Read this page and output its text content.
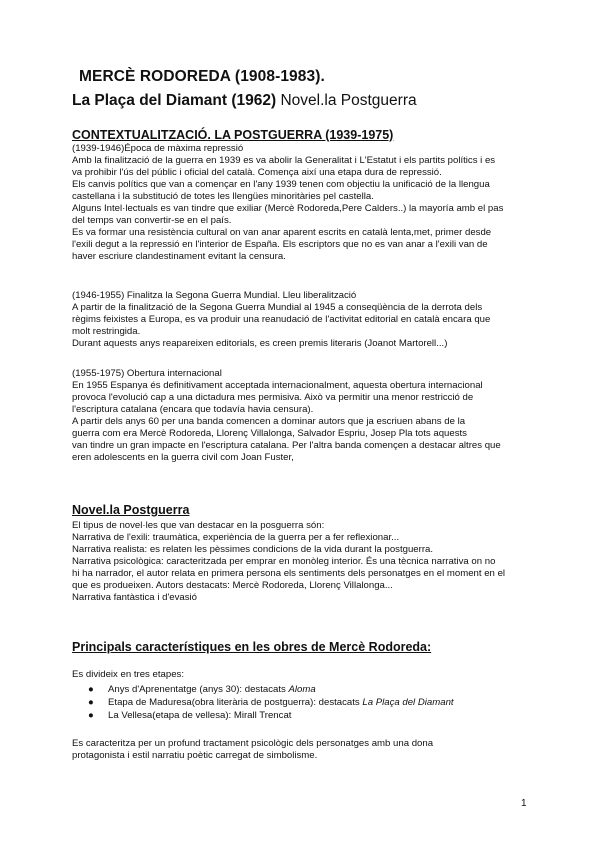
MERCÈ RODOREDA (1908-1983).
La Plaça del Diamant (1962) Novel.la Postguerra
CONTEXTUALITZACIÓ. LA POSTGUERRA (1939-1975)
(1939-1946)Época de màxima repressió
Amb la finalització de la guerra en 1939 es va abolir la Generalitat i L'Estatut i els partits polítics i es
va prohibir l'ús del públic i oficial del català. Comença així una etapa dura de repressió.
Els canvis polítics que van a començar en l'any 1939 tenen com objectiu la unificació de la llengua
castellana i la substitució de totes les llengües minoritàries pel castella.
Alguns Intel·lectuals es van tindre que exiliar (Mercè Rodoreda,Pere Calders..) la mayoría amb el pas
del temps van convertir-se en el país.
Es va formar una resistència cultural on van anar aparent escrits en català lenta,met, primer desde
l'exili degut a la repressió en l'interior de España. Els escriptors que no es van anar a l'exili van de
haver escriure clandestinament evitant la censura.
(1946-1955) Finalitza la Segona Guerra Mundial. Lleu liberalització
A partir de la finalització de la Segona Guerra Mundial al 1945 a conseqüència de la derrota dels
règims feixistes a Europa, es va produir una reanudació de l'activitat editorial en català encara que
molt restringida.
Durant aquests anys reapareixen editorials, es creen premis literaris (Joanot Martorell...)
(1955-1975) Obertura internacional
En 1955 Espanya és definitivament acceptada internacionalment, aquesta obertura internacional
provoca l'evolució cap a una dictadura mes permisiva. Això va permitir una menor restricció de
l'escriptura catalana (encara que todavía havia censura).
A partir dels anys 60 per una banda comencen a dominar autors que ja escriuen abans de la
guerra com era Mercè Rodoreda, Llorenç Villalonga, Salvador Espriu, Josep Pla tots aquests
van tindre un gran impacte en l'escriptura catalana. Per l'altra banda començen a destacar altres que
eren adolescents en la guerra civil com Joan Fuster,
Novel.la Postguerra
El tipus de novel·les que van destacar en la posguerra són:
Narrativa de l'exili: traumàtica, experiència de la guerra per a fer reflexionar...
Narrativa realista: es relaten les pèssimes condicions de la vida durant la postguerra.
Narrativa psicològica: caracteritzada per emprar en monòleg interior. És una tècnica narrativa on no
hi ha narrador, el autor relata en primera persona els sentiments dels personatges en el moment en el
que es produeixen. Autors destacats: Mercè Rodoreda, Llorenç Villalonga...
Narrativa fantàstica i d'evasió
Principals característiques en les obres de Mercè Rodoreda:
Es divideix en tres etapes:
● Anys d'Aprenentatge (anys 30): destacats Aloma
● Etapa de Maduresa(obra literària de postguerra): destacats La Plaça del Diamant
● La Vellesa(etapa de vellesa): Mirall Trencat
Es caracteritza per un profund tractament psicològic dels personatges amb una dona
protagonista i estil narratiu poètic carregat de simbolisme.
1
